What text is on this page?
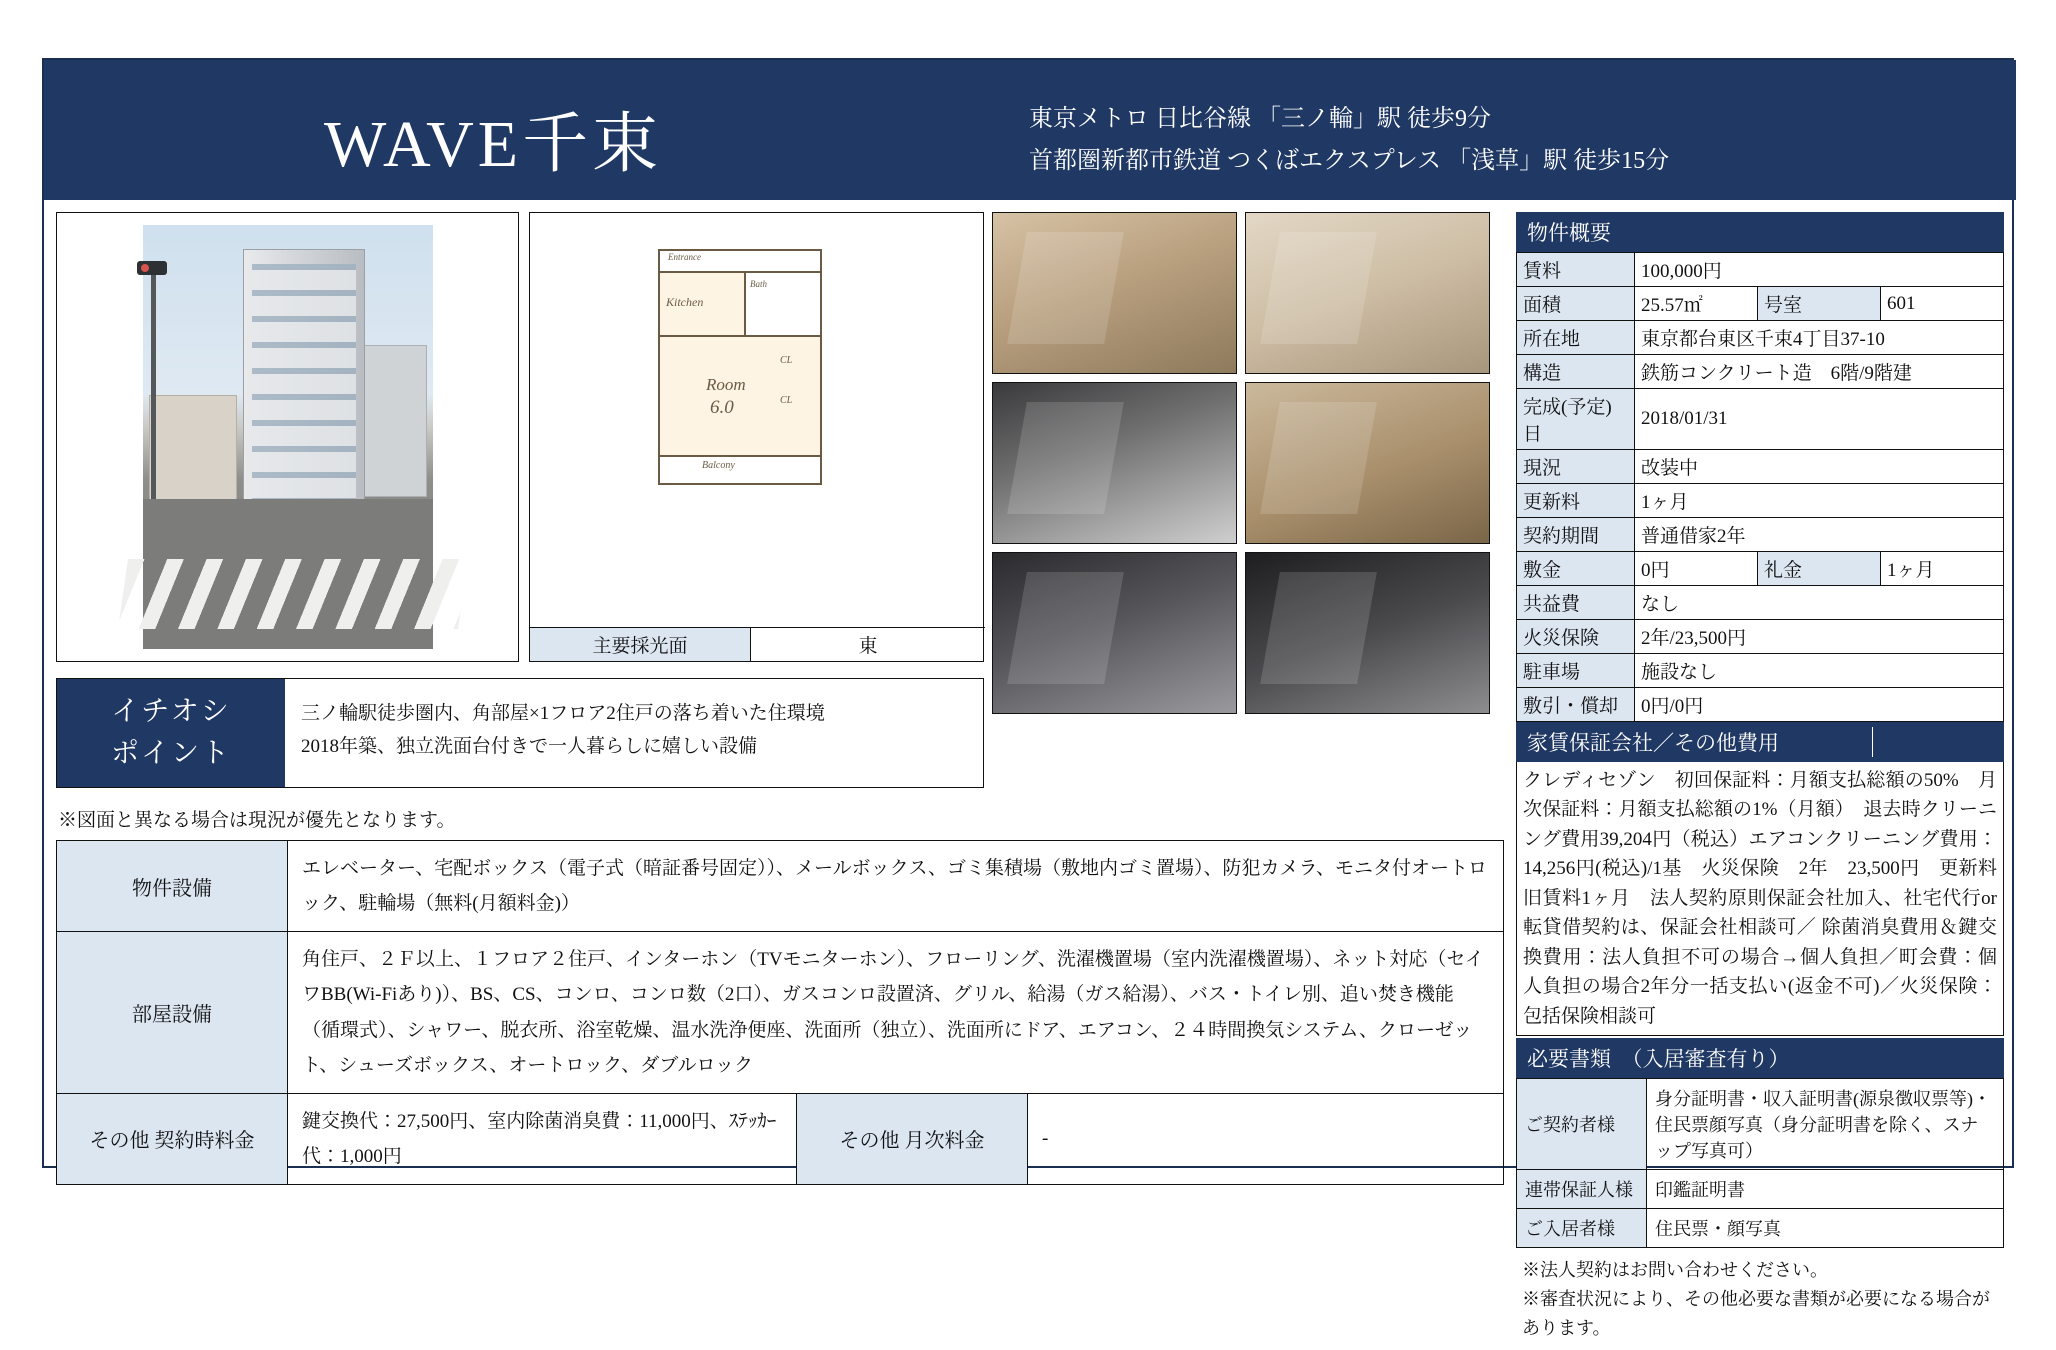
WAVE千束	東京メトロ 日比谷線 「三ノ輪」駅 徒歩9分
首都圏新都市鉄道 つくばエクスプレス 「浅草」駅 徒歩15分
Entrance
Bath
Kitchen
Room
6.0
CL
CL
Balcony
主要採光面	東
イチオシ
ポイント
三ノ輪駅徒歩圏内、角部屋×1フロア2住戸の落ち着いた住環境
2018年築、独立洗面台付きで一人暮らしに嬉しい設備
※図面と異なる場合は現況が優先となります。
物件設備	エレベーター、宅配ボックス（電子式（暗証番号固定））、メールボックス、ゴミ集積場（敷地内ゴミ置場）、防犯カメラ、モニタ付オートロック、駐輪場（無料(月額料金)）		
部屋設備	角住戸、２Ｆ以上、１フロア２住戸、インターホン（TVモニターホン）、フローリング、洗濯機置場（室内洗濯機置場）、ネット対応（セイワBB(Wi-Fiあり)）、BS、CS、コンロ、コンロ数（2口）、ガスコンロ設置済、グリル、給湯（ガス給湯）、バス・トイレ別、追い焚き機能（循環式）、シャワー、脱衣所、浴室乾燥、温水洗浄便座、洗面所（独立）、洗面所にドア、エアコン、２４時間換気システム、クローゼット、シューズボックス、オートロック、ダブルロック		
その他 契約時料金	鍵交換代：27,500円、室内除菌消臭費：11,000円、ｽﾃｯｶｰ代：1,000円	その他 月次料金	-
物件概要
賃料	100,000円		
面積	25.57㎡	号室	601
所在地	東京都台東区千束4丁目37-10		
構造	鉄筋コンクリート造　6階/9階建		
完成(予定)日	2018/01/31		
現況	改装中		
更新料	1ヶ月		
契約期間	普通借家2年		
敷金	0円	礼金	1ヶ月
共益費	なし		
火災保険	2年/23,500円		
駐車場	施設なし		
敷引・償却	0円/0円		
家賃保証会社／その他費用
クレディセゾン　初回保証料：月額支払総額の50%　月次保証料：月額支払総額の1%（月額）　退去時クリーニング費用39,204円（税込）エアコンクリーニング費用：14,256円(税込)/1基　火災保険　2年　23,500円　更新料　旧賃料1ヶ月　法人契約原則保証会社加入、社宅代行or転貸借契約は、保証会社相談可／ 除菌消臭費用＆鍵交換費用：法人負担不可の場合→個人負担／町会費：個人負担の場合2年分一括支払い(返金不可)／火災保険：包括保険相談可
必要書類　（入居審査有り）
ご契約者様	身分証明書・収入証明書(源泉徴収票等)・住民票顔写真（身分証明書を除く、スナップ写真可）
連帯保証人様	印鑑証明書
ご入居者様	住民票・顔写真
※法人契約はお問い合わせください。
※審査状況により、その他必要な書類が必要になる場合があります。
